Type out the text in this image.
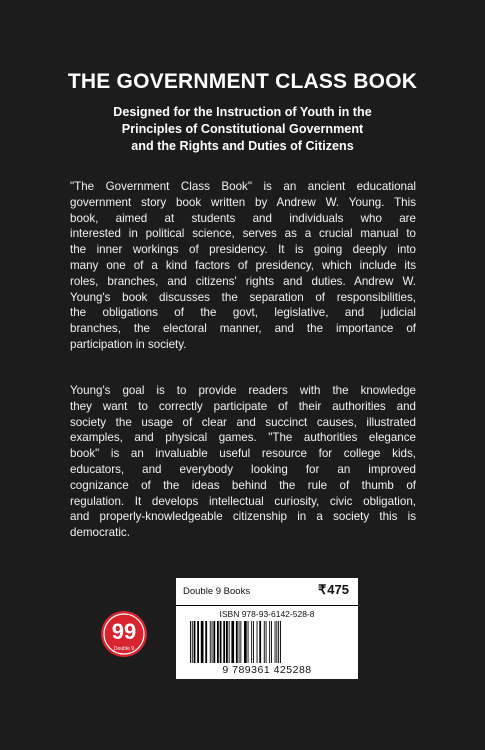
THE GOVERNMENT CLASS BOOK
Designed for the Instruction of Youth in the
Principles of Constitutional Government
and the Rights and Duties of Citizens
"The Government Class Book" is an ancient educational
government story book written by Andrew W. Young. This
book, aimed at students and individuals who are
interested in political science, serves as a crucial manual to
the inner workings of presidency. It is going deeply into
many one of a kind factors of presidency, which include its
roles, branches, and citizens' rights and duties. Andrew W.
Young's book discusses the separation of responsibilities,
the obligations of the govt, legislative, and judicial
branches, the electoral manner, and the importance of
participation in society.
Young's goal is to provide readers with the knowledge
they want to correctly participate of their authorities and
society the usage of clear and succinct causes, illustrated
examples, and physical games. "The authorities elegance
book" is an invaluable useful resource for college kids,
educators, and everybody looking for an improved
cognizance of the ideas behind the rule of thumb of
regulation. It develops intellectual curiosity, civic obligation,
and properly-knowledgeable citizenship in a society this is
democratic.
99
Double 9
Double 9 Books	₹475
ISBN 978-93-6142-528-8
9 789361 425288
